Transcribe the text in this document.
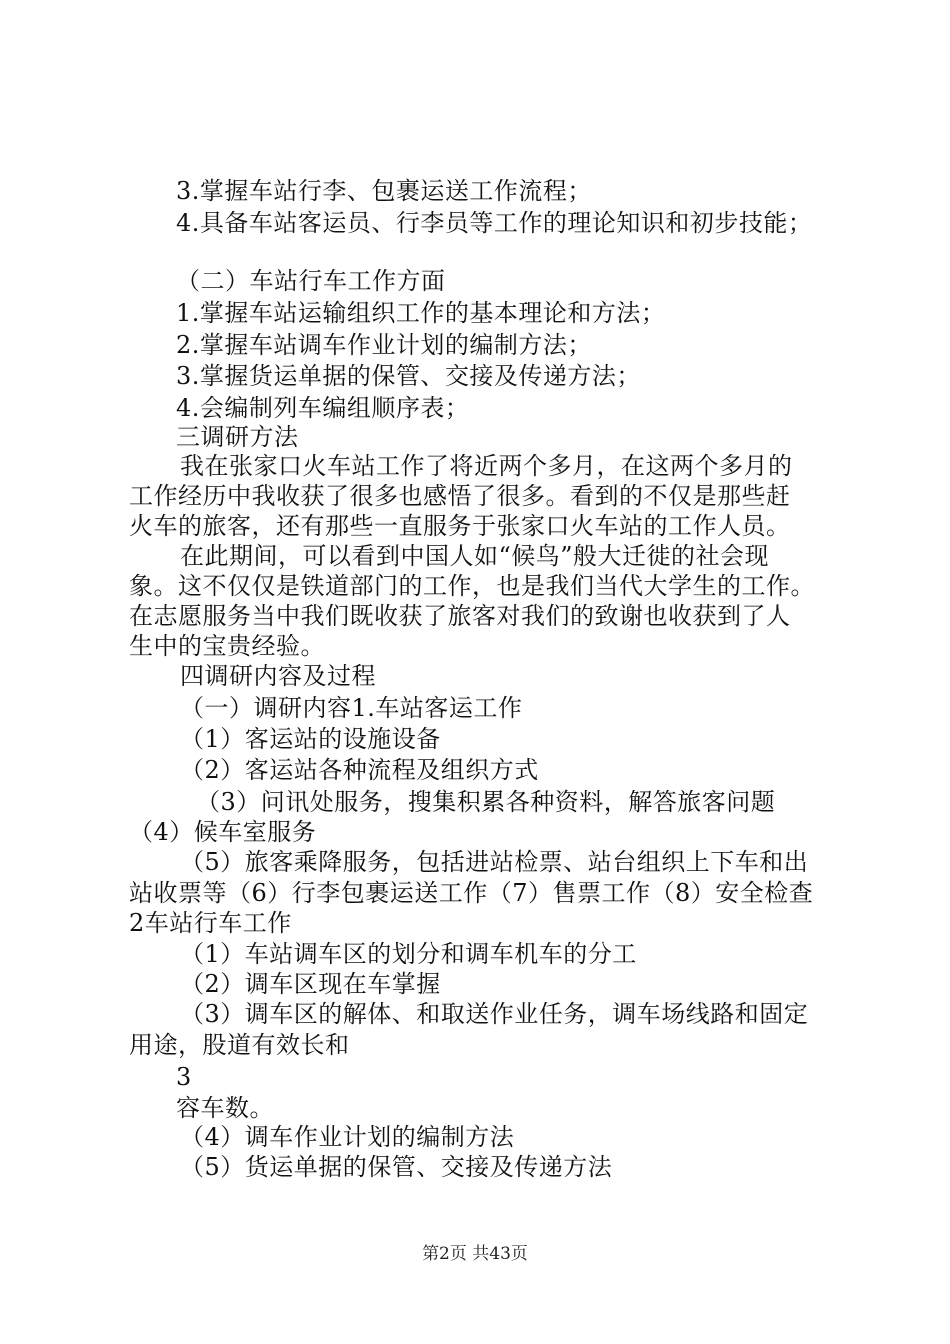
3.掌握车站行李、包裹运送工作流程；
4.具备车站客运员、行李员等工作的理论知识和初步技能；
（二）车站行车工作方面
1.掌握车站运输组织工作的基本理论和方法；
2.掌握车站调车作业计划的编制方法；
3.掌握货运单据的保管、交接及传递方法；
4.会编制列车编组顺序表；
三调研方法
我在张家口火车站工作了将近两个多月，在这两个多月的
工作经历中我收获了很多也感悟了很多。看到的不仅是那些赶
火车的旅客，还有那些一直服务于张家口火车站的工作人员。
在此期间，可以看到中国人如“候鸟”般大迁徙的社会现
象。这不仅仅是铁道部门的工作，也是我们当代大学生的工作。
在志愿服务当中我们既收获了旅客对我们的致谢也收获到了人
生中的宝贵经验。
四调研内容及过程
（一）调研内容1.车站客运工作
（1）客运站的设施设备
（2）客运站各种流程及组织方式
（3）问讯处服务，搜集积累各种资料，解答旅客问题
（4）候车室服务
（5）旅客乘降服务，包括进站检票、站台组织上下车和出
站收票等（6）行李包裹运送工作（7）售票工作（8）安全检查
2车站行车工作
（1）车站调车区的划分和调车机车的分工
（2）调车区现在车掌握
（3）调车区的解体、和取送作业任务，调车场线路和固定
用途，股道有效长和
3
容车数。
（4）调车作业计划的编制方法
（5）货运单据的保管、交接及传递方法
第2页 共43页
